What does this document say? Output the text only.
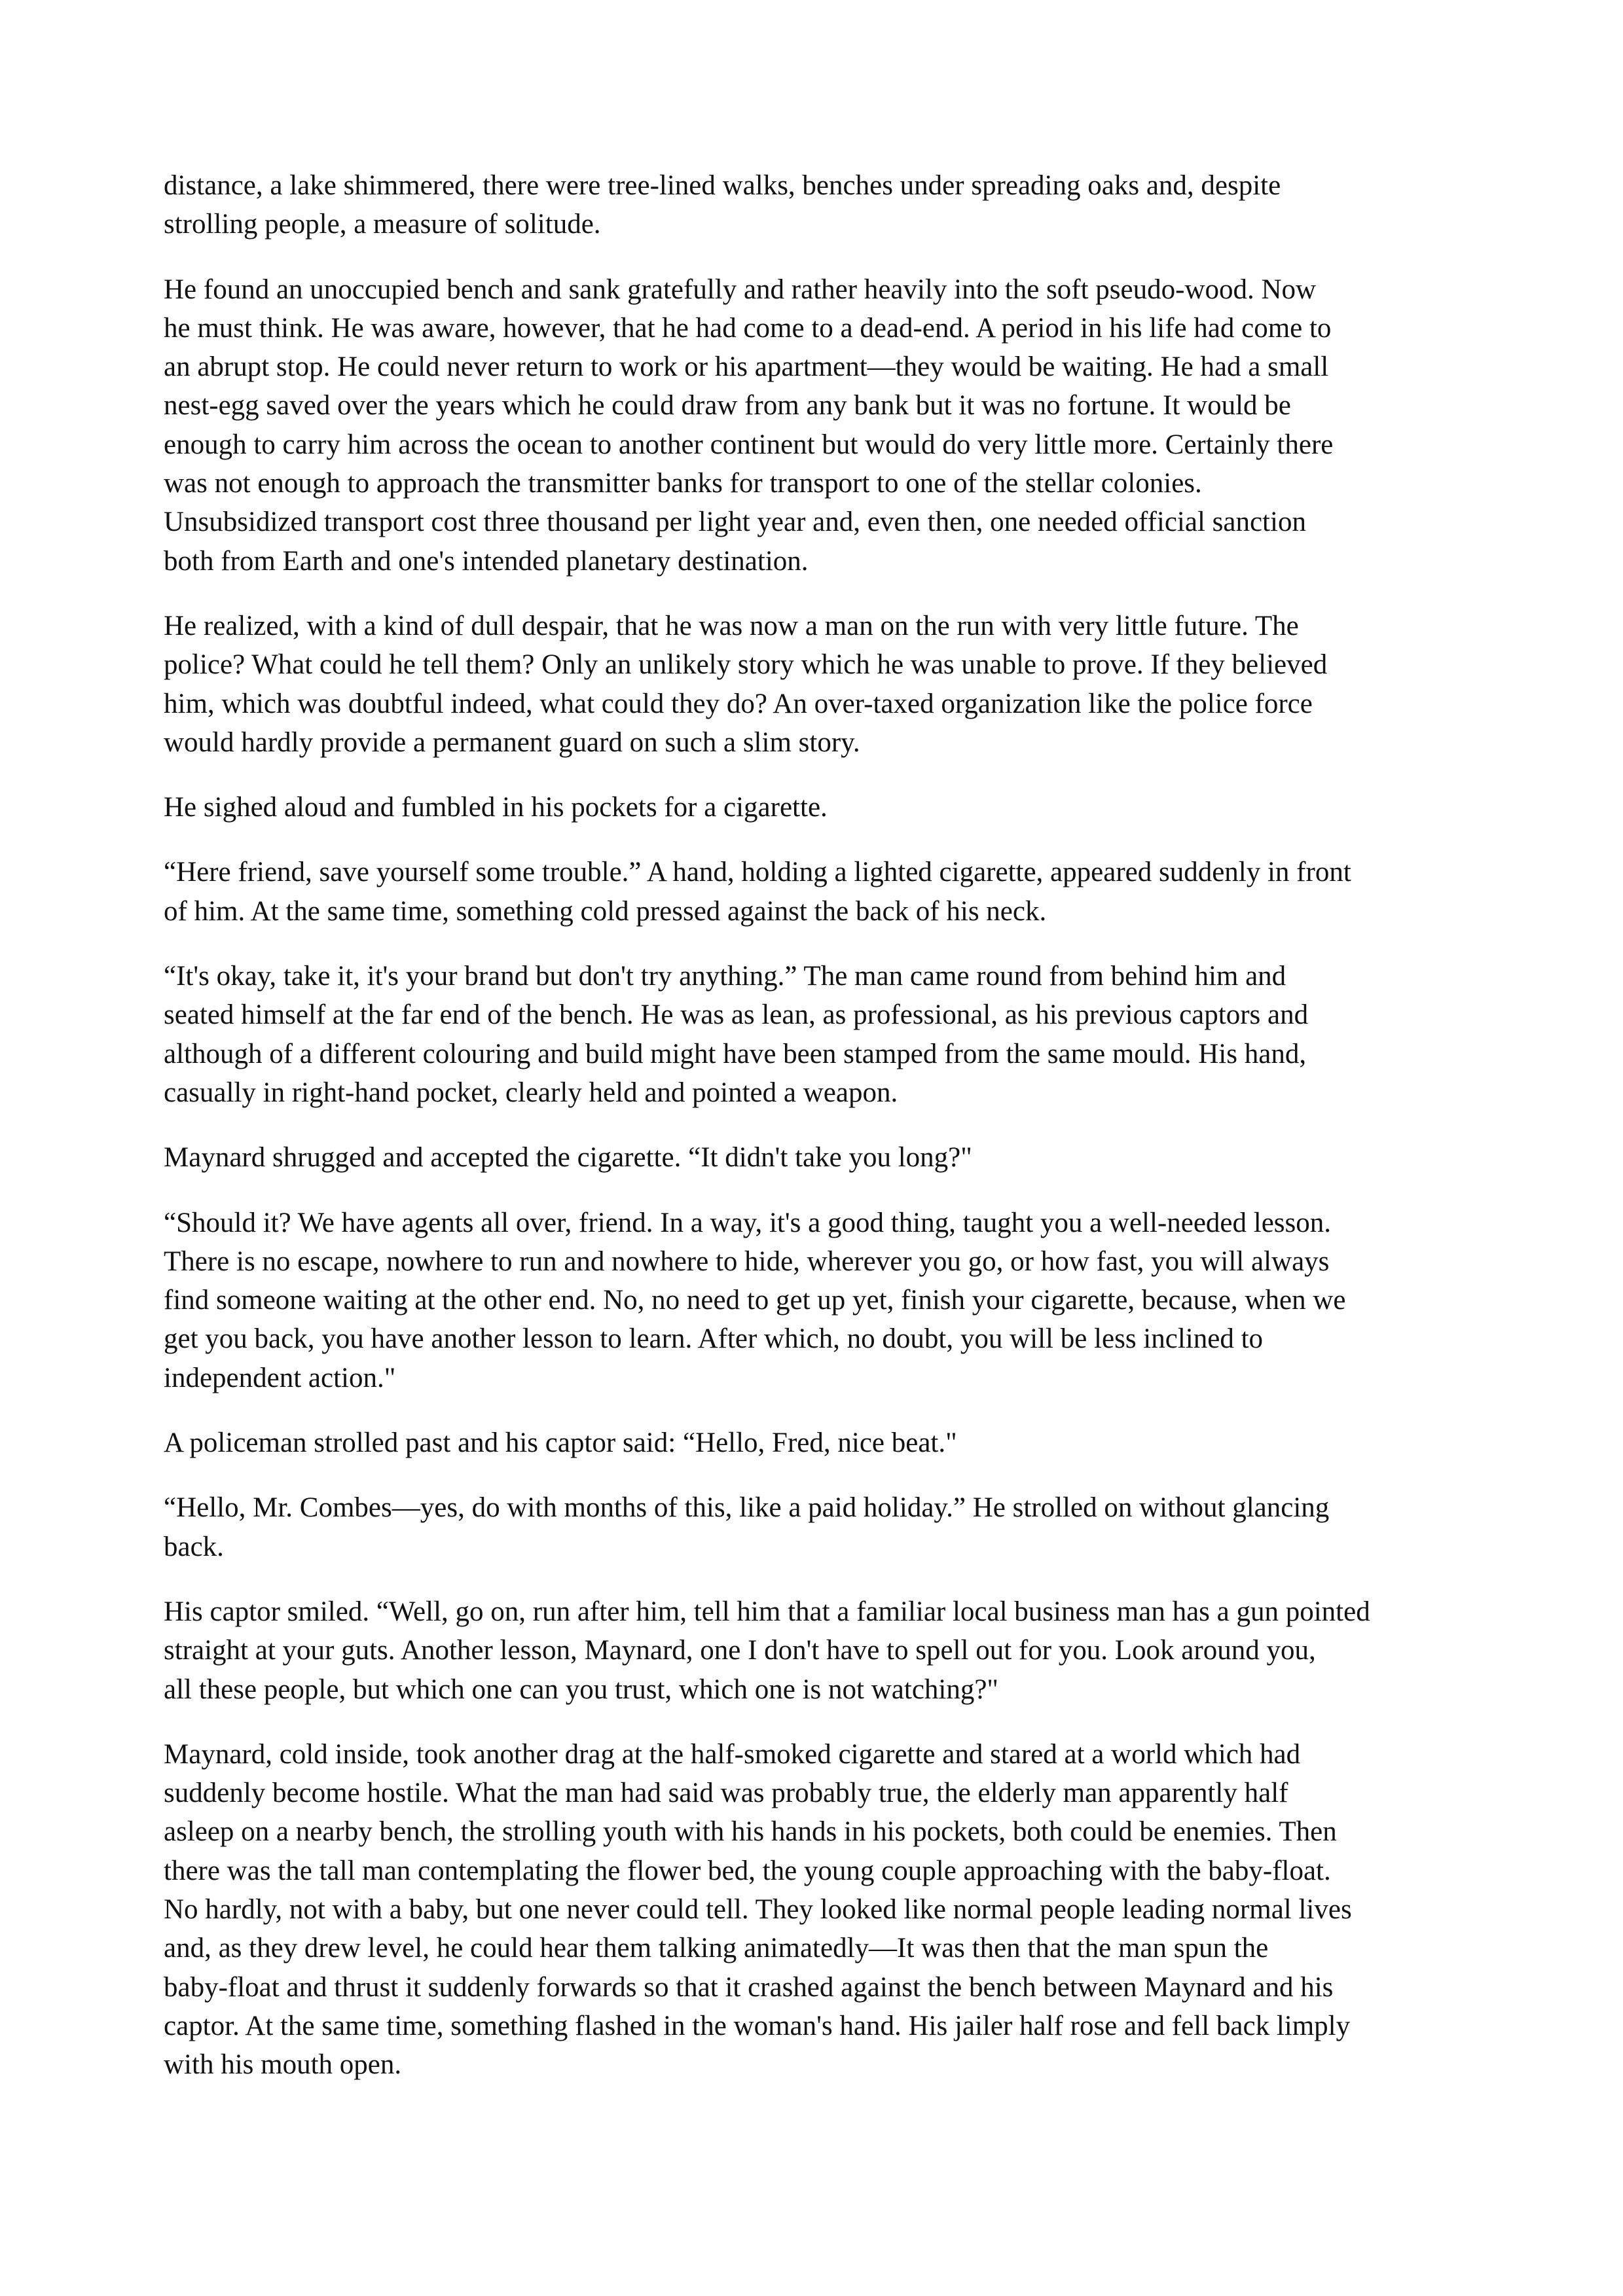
distance, a lake shimmered, there were tree-lined walks, benches under spreading oaks and, despite
strolling people, a measure of solitude.

He found an unoccupied bench and sank gratefully and rather heavily into the soft pseudo-wood. Now
he must think. He was aware, however, that he had come to a dead-end. A period in his life had come to
an abrupt stop. He could never return to work or his apartment—they would be waiting. He had a small
nest-egg saved over the years which he could draw from any bank but it was no fortune. It would be
enough to carry him across the ocean to another continent but would do very little more. Certainly there
was not enough to approach the transmitter banks for transport to one of the stellar colonies.
Unsubsidized transport cost three thousand per light year and, even then, one needed official sanction
both from Earth and one's intended planetary destination.

He realized, with a kind of dull despair, that he was now a man on the run with very little future. The
police? What could he tell them? Only an unlikely story which he was unable to prove. If they believed
him, which was doubtful indeed, what could they do? An over-taxed organization like the police force
would hardly provide a permanent guard on such a slim story.

He sighed aloud and fumbled in his pockets for a cigarette.

“Here friend, save yourself some trouble.” A hand, holding a lighted cigarette, appeared suddenly in front
of him. At the same time, something cold pressed against the back of his neck.

“It's okay, take it, it's your brand but don't try anything.” The man came round from behind him and
seated himself at the far end of the bench. He was as lean, as professional, as his previous captors and
although of a different colouring and build might have been stamped from the same mould. His hand,
casually in right-hand pocket, clearly held and pointed a weapon.

Maynard shrugged and accepted the cigarette. “It didn't take you long?"

“Should it? We have agents all over, friend. In a way, it's a good thing, taught you a well-needed lesson.
There is no escape, nowhere to run and nowhere to hide, wherever you go, or how fast, you will always
find someone waiting at the other end. No, no need to get up yet, finish your cigarette, because, when we
get you back, you have another lesson to learn. After which, no doubt, you will be less inclined to
independent action."

A policeman strolled past and his captor said: “Hello, Fred, nice beat."

“Hello, Mr. Combes—yes, do with months of this, like a paid holiday.” He strolled on without glancing
back.

His captor smiled. “Well, go on, run after him, tell him that a familiar local business man has a gun pointed
straight at your guts. Another lesson, Maynard, one I don't have to spell out for you. Look around you,
all these people, but which one can you trust, which one is not watching?"

Maynard, cold inside, took another drag at the half-smoked cigarette and stared at a world which had
suddenly become hostile. What the man had said was probably true, the elderly man apparently half
asleep on a nearby bench, the strolling youth with his hands in his pockets, both could be enemies. Then
there was the tall man contemplating the flower bed, the young couple approaching with the baby-float.
No hardly, not with a baby, but one never could tell. They looked like normal people leading normal lives
and, as they drew level, he could hear them talking animatedly—It was then that the man spun the
baby-float and thrust it suddenly forwards so that it crashed against the bench between Maynard and his
captor. At the same time, something flashed in the woman's hand. His jailer half rose and fell back limply
with his mouth open.
